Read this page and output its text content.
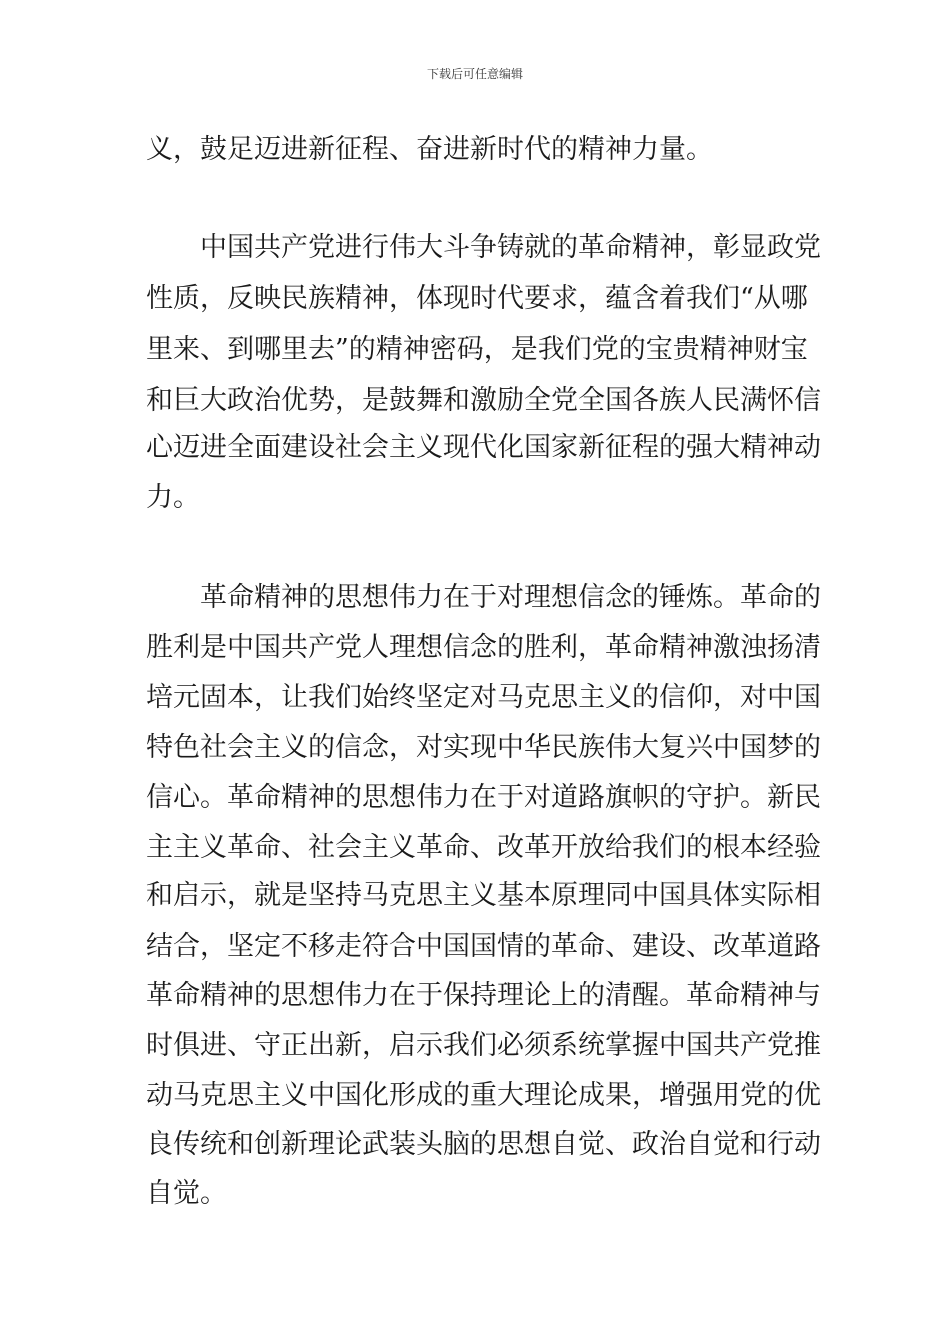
下载后可任意编辑
义，鼓足迈进新征程、奋进新时代的精神力量。
中国共产党进行伟大斗争铸就的革命精神，彰显政党
性质，反映民族精神，体现时代要求，蕴含着我们“从哪
里来、到哪里去”的精神密码，是我们党的宝贵精神财宝
和巨大政治优势，是鼓舞和激励全党全国各族人民满怀信
心迈进全面建设社会主义现代化国家新征程的强大精神动
力。
革命精神的思想伟力在于对理想信念的锤炼。革命的
胜利是中国共产党人理想信念的胜利，革命精神激浊扬清
培元固本，让我们始终坚定对马克思主义的信仰，对中国
特色社会主义的信念，对实现中华民族伟大复兴中国梦的
信心。革命精神的思想伟力在于对道路旗帜的守护。新民
主主义革命、社会主义革命、改革开放给我们的根本经验
和启示，就是坚持马克思主义基本原理同中国具体实际相
结合，坚定不移走符合中国国情的革命、建设、改革道路
革命精神的思想伟力在于保持理论上的清醒。革命精神与
时俱进、守正出新，启示我们必须系统掌握中国共产党推
动马克思主义中国化形成的重大理论成果，增强用党的优
良传统和创新理论武装头脑的思想自觉、政治自觉和行动
自觉。
